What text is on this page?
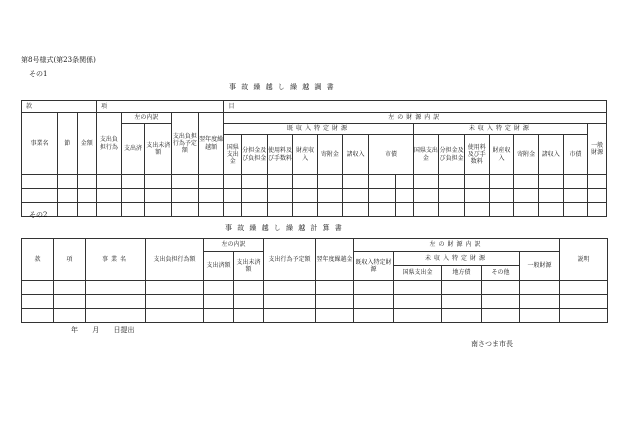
第8号様式(第23条関係)
その1
事故繰越し繰越調書
款			項					目															
事業名	節	金額	支出負担行為	左の内訳		支出負担行為予定額	翌年度繰越額	左の財源内訳															
				支出済	支出未済額			既収入特定財源								未収入特定財源							一般財源
								国県支出金	分担金及び負担金	使用料及び手数料	財産収入	寄附金	諸収入	市債		国県支出金	分担金及び負担金	使用料及び手数料	財産収入	寄附金	諸収入	市債	

その2
事故繰越し繰越計算書
款	項	事業名	支出負担行為額	左の内訳		支出行為予定額	翌年度繰越金	左の財源内訳					説明
				支出済額	支出未済額			既収入特定財源	未収入特定財源			一般財源	
									国県支出金	地方債	その他		

年 月 日提出
南さつま市長
